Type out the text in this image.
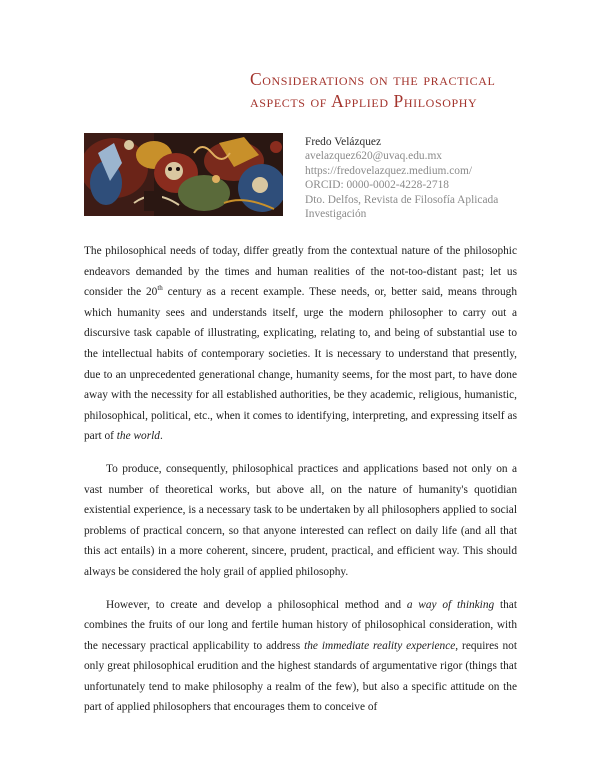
Considerations on the practical
aspects of Applied Philosophy
Fredo Velázquez
avelazquez620@uvaq.edu.mx
https://fredovelazquez.medium.com/
ORCID: 0000-0002-4228-2718
Dto. Delfos, Revista de Filosofía Aplicada
Investigación

The philosophical needs of today, differ greatly from the contextual nature of the philosophic endeavors demanded by the times and human realities of the not-too-distant past; let us consider the 20th century as a recent example. These needs, or, better said, means through which humanity sees and understands itself, urge the modern philosopher to carry out a discursive task capable of illustrating, explicating, relating to, and being of substantial use to the intellectual habits of contemporary societies. It is necessary to understand that presently, due to an unprecedented generational change, humanity seems, for the most part, to have done away with the necessity for all established authorities, be they academic, religious, humanistic, philosophical, political, etc., when it comes to identifying, interpreting, and expressing itself as part of the world.

To produce, consequently, philosophical practices and applications based not only on a vast number of theoretical works, but above all, on the nature of humanity's quotidian existential experience, is a necessary task to be undertaken by all philosophers applied to social problems of practical concern, so that anyone interested can reflect on daily life (and all that this act entails) in a more coherent, sincere, prudent, practical, and efficient way. This should always be considered the holy grail of applied philosophy.

However, to create and develop a philosophical method and a way of thinking that combines the fruits of our long and fertile human history of philosophical consideration, with the necessary practical applicability to address the immediate reality experience, requires not only great philosophical erudition and the highest standards of argumentative rigor (things that unfortunately tend to make philosophy a realm of the few), but also a specific attitude on the part of applied philosophers that encourages them to conceive of
